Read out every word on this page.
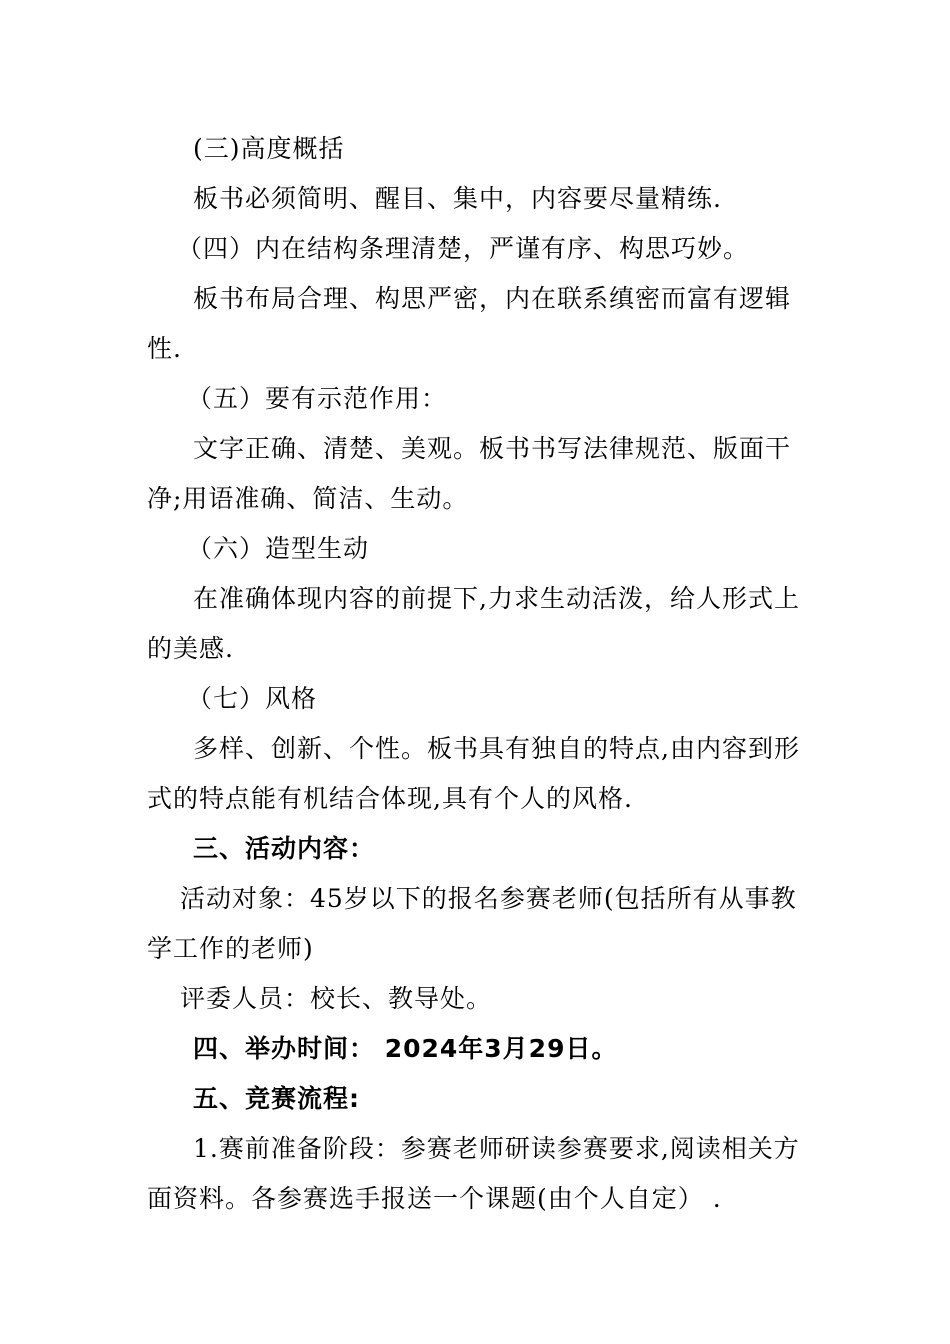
(三)高度概括
板书必须简明、醒目、集中，内容要尽量精练.
（四）内在结构条理清楚，严谨有序、构思巧妙。
板书布局合理、构思严密，内在联系缜密而富有逻辑
性.
（五）要有示范作用：
文字正确、清楚、美观。板书书写法律规范、版面干
净;用语准确、简洁、生动。
（六）造型生动
在准确体现内容的前提下,力求生动活泼，给人形式上
的美感.
（七）风格
多样、创新、个性。板书具有独自的特点,由内容到形
式的特点能有机结合体现,具有个人的风格.
三、活动内容：
活动对象：45岁以下的报名参赛老师(包括所有从事教
学工作的老师)
评委人员：校长、教导处。
四、举办时间： 2024年3月29日。
五、竞赛流程:
1.赛前准备阶段：参赛老师研读参赛要求,阅读相关方
面资料。各参赛选手报送一个课题(由个人自定） .
